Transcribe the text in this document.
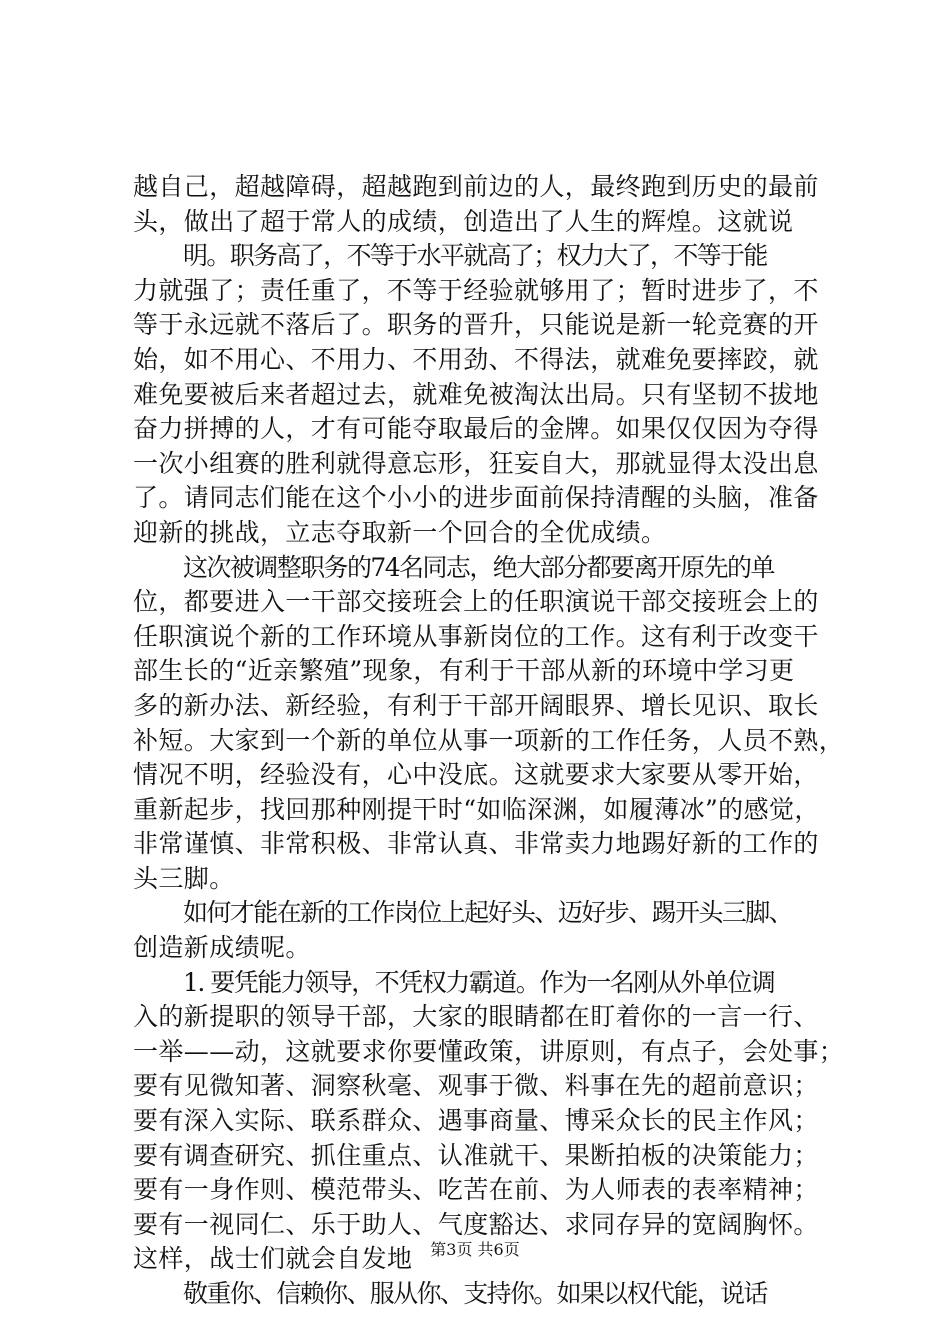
越自己，超越障碍，超越跑到前边的人，最终跑到历史的最前
头，做出了超于常人的成绩，创造出了人生的辉煌。这就说
明。职务高了，不等于水平就高了；权力大了，不等于能
力就强了；责任重了，不等于经验就够用了；暂时进步了，不
等于永远就不落后了。职务的晋升，只能说是新一轮竞赛的开
始，如不用心、不用力、不用劲、不得法，就难免要摔跤，就
难免要被后来者超过去，就难免被淘汰出局。只有坚韧不拔地
奋力拼搏的人，才有可能夺取最后的金牌。如果仅仅因为夺得
一次小组赛的胜利就得意忘形，狂妄自大，那就显得太没出息
了。请同志们能在这个小小的进步面前保持清醒的头脑，准备
迎新的挑战，立志夺取新一个回合的全优成绩。
这次被调整职务的74名同志，绝大部分都要离开原先的单
位，都要进入一干部交接班会上的任职演说干部交接班会上的
任职演说个新的工作环境从事新岗位的工作。这有利于改变干
部生长的“近亲繁殖”现象，有利于干部从新的环境中学习更
多的新办法、新经验，有利于干部开阔眼界、增长见识、取长
补短。大家到一个新的单位从事一项新的工作任务，人员不熟，
情况不明，经验没有，心中没底。这就要求大家要从零开始，
重新起步，找回那种刚提干时“如临深渊，如履薄冰”的感觉，
非常谨慎、非常积极、非常认真、非常卖力地踢好新的工作的
头三脚。
如何才能在新的工作岗位上起好头、迈好步、踢开头三脚、
创造新成绩呢。
1. 要凭能力领导，不凭权力霸道。作为一名刚从外单位调
入的新提职的领导干部，大家的眼睛都在盯着你的一言一行、
一举——动，这就要求你要懂政策，讲原则，有点子，会处事；
要有见微知著、洞察秋毫、观事于微、料事在先的超前意识；
要有深入实际、联系群众、遇事商量、博采众长的民主作风；
要有调查研究、抓住重点、认准就干、果断拍板的决策能力；
要有一身作则、模范带头、吃苦在前、为人师表的表率精神；
要有一视同仁、乐于助人、气度豁达、求同存异的宽阔胸怀。
这样，战士们就会自发地
敬重你、信赖你、服从你、支持你。如果以权代能，说话
第3页 共6页
